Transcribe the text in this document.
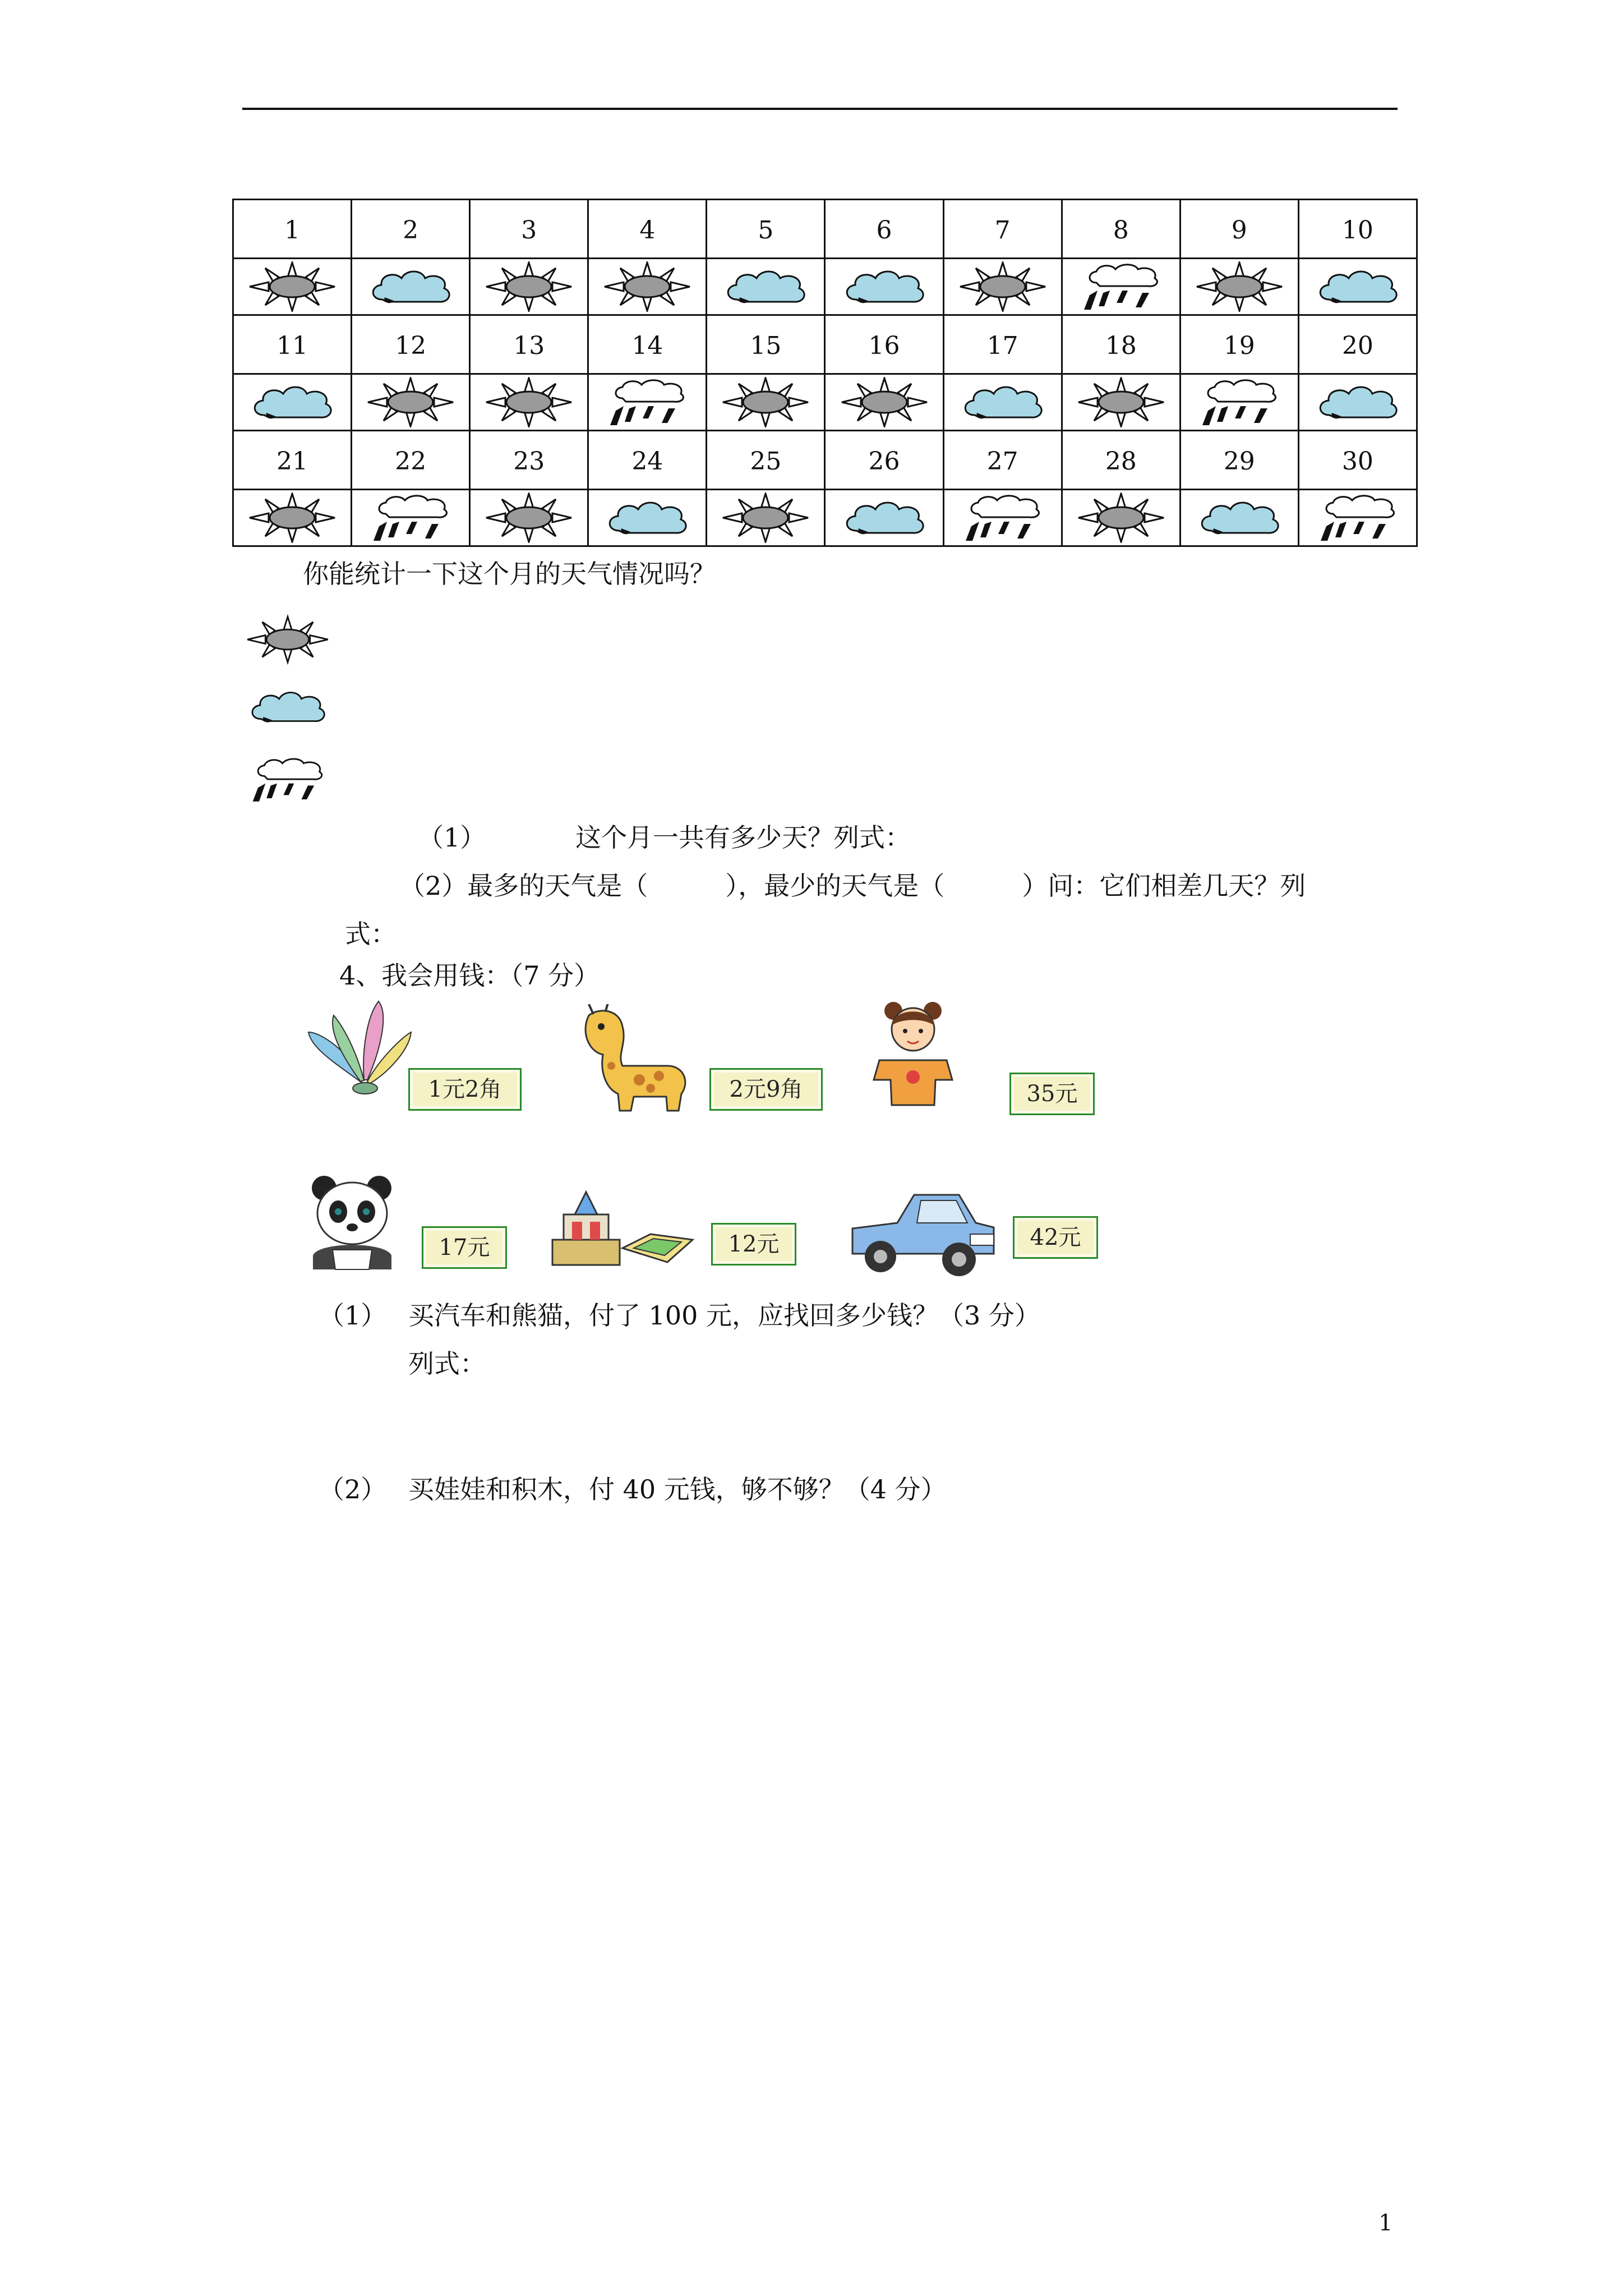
1	2	3	4	5	6	7	8	9	10

11	12	13	14	15	16	17	18	19	20

21	22	23	24	25	26	27	28	29	30

你能统计一下这个月的天气情况吗？
（1）	这个月一共有多少天？列式：
（2）最多的天气是（　　　），最少的天气是（　　　）问：它们相差几天？列
式：
4、我会用钱：（7 分）
1元2角	2元9角	35元
17元	12元	42元
（1） 买汽车和熊猫，付了 100 元，应找回多少钱？（3 分）
列式：
（2） 买娃娃和积木，付 40 元钱，够不够？（4 分）
1
